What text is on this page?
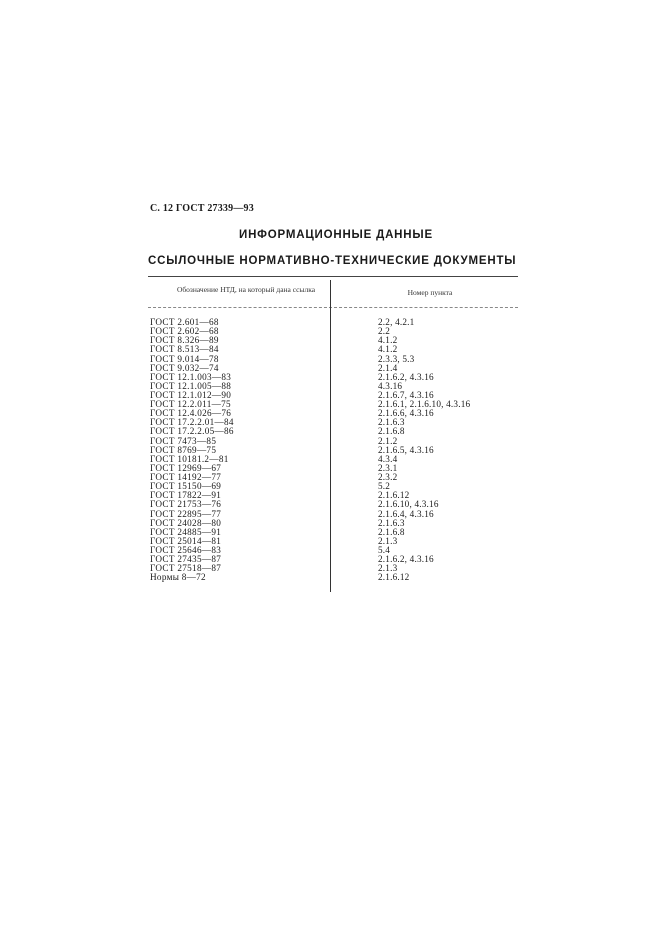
С. 12 ГОСТ 27339—93
ИНФОРМАЦИОННЫЕ ДАННЫЕ
ССЫЛОЧНЫЕ НОРМАТИВНО-ТЕХНИЧЕСКИЕ ДОКУМЕНТЫ
Обозначение НТД, на который дана ссылка	Номер пункта
ГОСТ 2.601—68	2.2, 4.2.1
ГОСТ 2.602—68	2.2
ГОСТ 8.326—89	4.1.2
ГОСТ 8.513—84	4.1.2
ГОСТ 9.014—78	2.3.3, 5.3
ГОСТ 9.032—74	2.1.4
ГОСТ 12.1.003—83	2.1.6.2, 4.3.16
ГОСТ 12.1.005—88	4.3.16
ГОСТ 12.1.012—90	2.1.6.7, 4.3.16
ГОСТ 12.2.011—75	2.1.6.1, 2.1.6.10, 4.3.16
ГОСТ 12.4.026—76	2.1.6.6, 4.3.16
ГОСТ 17.2.2.01—84	2.1.6.3
ГОСТ 17.2.2.05—86	2.1.6.8
ГОСТ 7473—85	2.1.2
ГОСТ 8769—75	2.1.6.5, 4.3.16
ГОСТ 10181.2—81	4.3.4
ГОСТ 12969—67	2.3.1
ГОСТ 14192—77	2.3.2
ГОСТ 15150—69	5.2
ГОСТ 17822—91	2.1.6.12
ГОСТ 21753—76	2.1.6.10, 4.3.16
ГОСТ 22895—77	2.1.6.4, 4.3.16
ГОСТ 24028—80	2.1.6.3
ГОСТ 24885—91	2.1.6.8
ГОСТ 25014—81	2.1.3
ГОСТ 25646—83	5.4
ГОСТ 27435—87	2.1.6.2, 4.3.16
ГОСТ 27518—87	2.1.3
Нормы 8—72	2.1.6.12
